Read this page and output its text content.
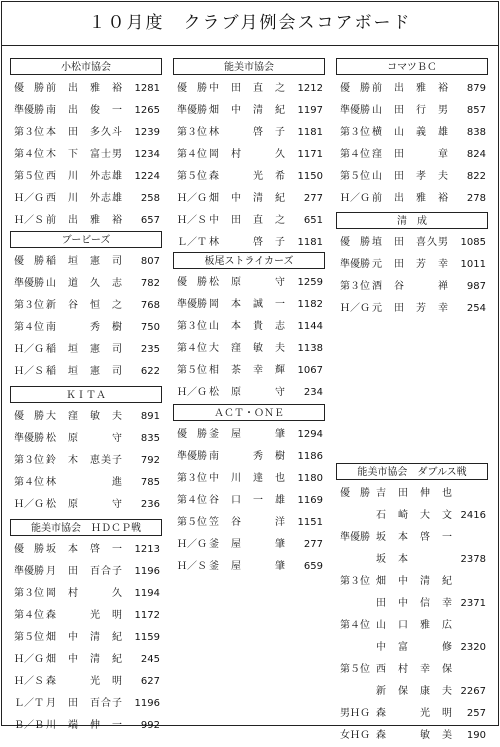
１０月度　クラブ月例会スコアボード
小松市協会
優　勝 前　出　雅　裕 1281
準優勝 南　出　俊　一 1265
第３位 本　田　多久斗 1239
第４位 木　下　富士男 1234
第５位 西　川　外志雄 1224
Ｈ／Ｇ 西　川　外志雄 258
Ｈ／Ｓ 前　出　雅　裕 657
ブービーズ
優　勝 稲　垣　憲　司 807
準優勝 山　道　久　志 782
第３位 新　谷　恒　之 768
第４位 南　　　秀　樹 750
Ｈ／Ｇ 稲　垣　憲　司 235
Ｈ／Ｓ 稲　垣　憲　司 622
ＫＩＴＡ
優　勝 大　窪　敏　夫 891
準優勝 松　原　　　守 835
第３位 鈴　木　恵美子 792
第４位 林　　　　　進 785
Ｈ／Ｇ 松　原　　　守 236
能美市協会　ＨＤＣＰ戦
優　勝 坂　本　啓　一 1213
準優勝 月　田　百合子 1196
第３位 岡　村　　　久 1194
第４位 森　　　光　明 1172
第５位 畑　中　清　紀 1159
Ｈ／Ｇ 畑　中　清　紀 245
Ｈ／Ｓ 森　　　光　明 627
Ｌ／Ｔ 月　田　百合子 1196
Ｂ／Ｂ 川　端　伸　一 992
能美市協会
優　勝 中　田　直　之 1212
準優勝 畑　中　清　紀 1197
第３位 林　　　啓　子 1181
第４位 岡　村　　　久 1171
第５位 森　　　光　希 1150
Ｈ／Ｇ 畑　中　清　紀 277
Ｈ／Ｓ 中　田　直　之 651
Ｌ／Ｔ 林　　　啓　子 1181
板尾ストライカーズ
優　勝 松　原　　　守 1259
準優勝 岡　本　誠　一 1182
第３位 山　本　貴　志 1144
第４位 大　窪　敏　夫 1138
第５位 相　茶　幸　輝 1067
Ｈ／Ｇ 松　原　　　守 234
ＡＣＴ・ＯＮＥ
優　勝 釜　屋　　　肇 1294
準優勝 南　　　秀　樹 1186
第３位 中　川　達　也 1180
第４位 谷　口　一　雄 1169
第５位 笠　谷　　　洋 1151
Ｈ／Ｇ 釜　屋　　　肇 277
Ｈ／Ｓ 釜　屋　　　肇 659
コマツＢＣ
優　勝 前　出　雅　裕 879
準優勝 山　田　行　男 857
第３位 横　山　義　雄 838
第４位 窪　田　　　章 824
第５位 山　田　孝　夫 822
Ｈ／Ｇ 前　出　雅　裕 278
清　成
優　勝 埴　田　喜久男 1085
準優勝 元　田　芳　幸 1011
第３位 酒　谷　　　禅 987
Ｈ／Ｇ 元　田　芳　幸 254
能美市協会　ダブルス戦
優　勝 吉　田　伸　也
石　崎　大　文 2416
準優勝 坂　本　啓　一
坂　本	2378
第３位 畑　中　清　紀
田　中　信　幸 2371
第４位 山　口　雅　広
中　富　　　修 2320
第５位 西　村　幸　保
新　保　康　夫 2267
男ＨＧ 森　　　光　明 257
女ＨＧ 森　　　敏　美 190
